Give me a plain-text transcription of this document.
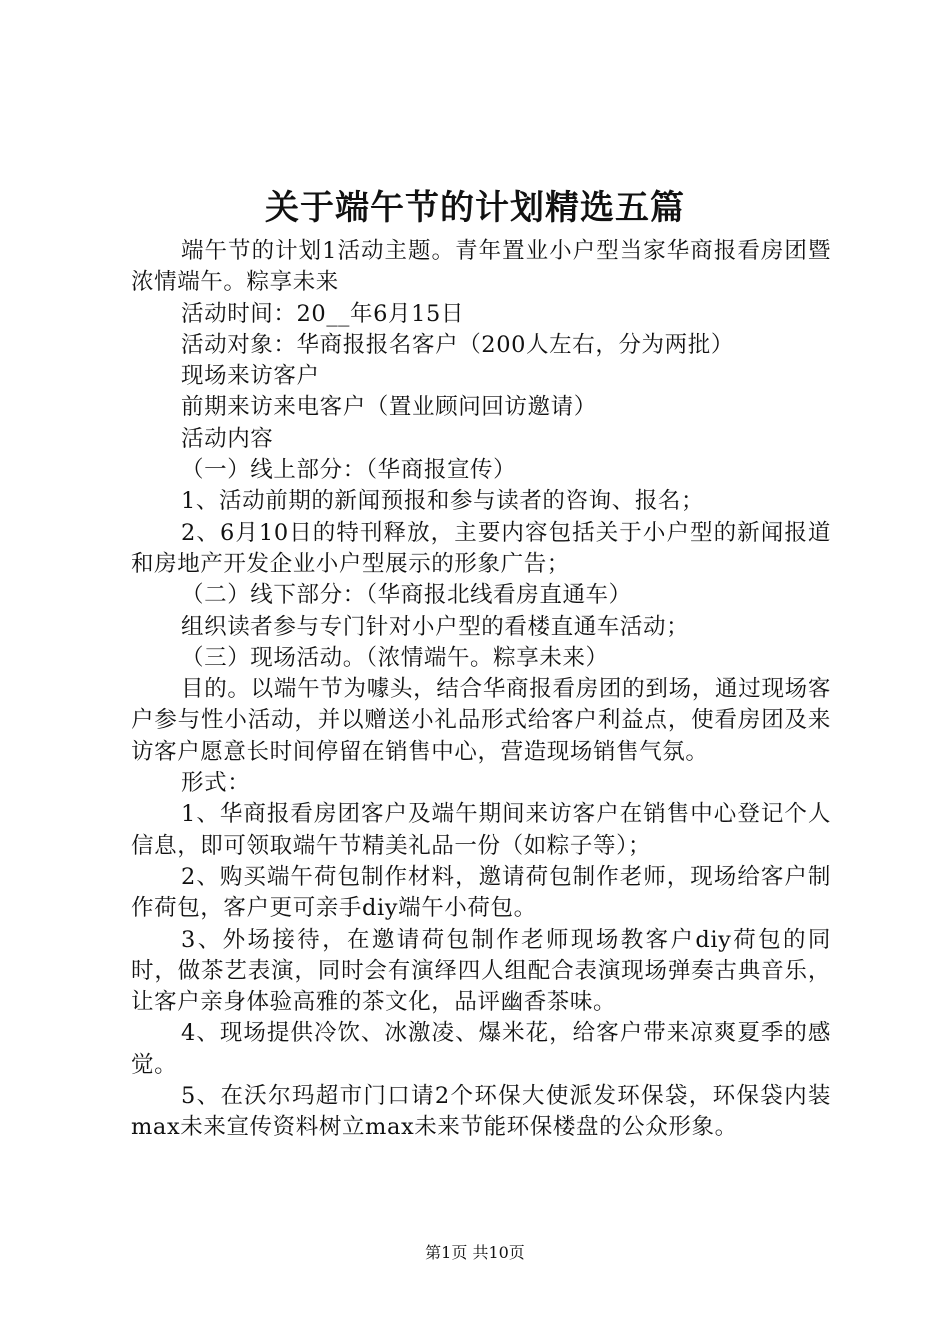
关于端午节的计划精选五篇

端午节的计划1活动主题。青年置业小户型当家华商报看房团暨浓情端午。粽享未来

活动时间：20__年6月15日

活动对象：华商报报名客户（200人左右，分为两批）

现场来访客户

前期来访来电客户（置业顾问回访邀请）

活动内容

（一）线上部分：（华商报宣传）

1、活动前期的新闻预报和参与读者的咨询、报名；

2、6月10日的特刊释放，主要内容包括关于小户型的新闻报道和房地产开发企业小户型展示的形象广告；

（二）线下部分：（华商报北线看房直通车）

组织读者参与专门针对小户型的看楼直通车活动；

（三）现场活动。（浓情端午。粽享未来）

目的。以端午节为噱头，结合华商报看房团的到场，通过现场客户参与性小活动，并以赠送小礼品形式给客户利益点，使看房团及来访客户愿意长时间停留在销售中心，营造现场销售气氛。

形式：

1、华商报看房团客户及端午期间来访客户在销售中心登记个人信息，即可领取端午节精美礼品一份（如粽子等）；

2、购买端午荷包制作材料，邀请荷包制作老师，现场给客户制作荷包，客户更可亲手diy端午小荷包。

3、外场接待，在邀请荷包制作老师现场教客户diy荷包的同时，做茶艺表演，同时会有演绎四人组配合表演现场弹奏古典音乐，让客户亲身体验高雅的茶文化，品评幽香茶味。

4、现场提供冷饮、冰激凌、爆米花，给客户带来凉爽夏季的感觉。

5、在沃尔玛超市门口请2个环保大使派发环保袋，环保袋内装max未来宣传资料树立max未来节能环保楼盘的公众形象。

第1页 共10页
